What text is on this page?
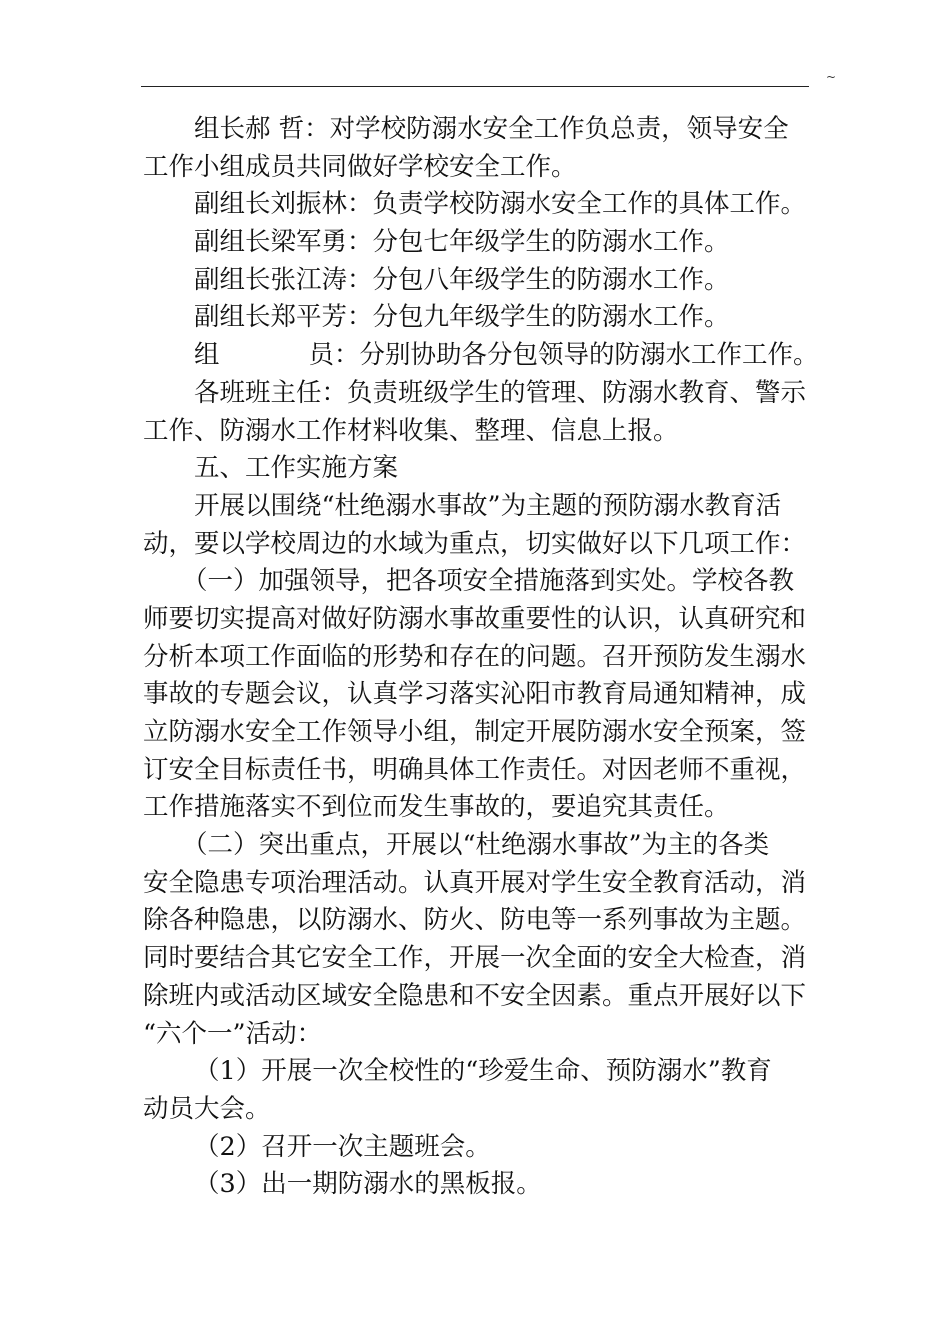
~
组长郝 哲：对学校防溺水安全工作负总责，领导安全
工作小组成员共同做好学校安全工作。
副组长刘振林：负责学校防溺水安全工作的具体工作。
副组长梁军勇：分包七年级学生的防溺水工作。
副组长张江涛：分包八年级学生的防溺水工作。
副组长郑平芳：分包九年级学生的防溺水工作。
组	员：分别协助各分包领导的防溺水工作工作。
各班班主任：负责班级学生的管理、防溺水教育、警示
工作、防溺水工作材料收集、整理、信息上报。
五、工作实施方案
开展以围绕“杜绝溺水事故”为主题的预防溺水教育活
动，要以学校周边的水域为重点，切实做好以下几项工作：
（一）加强领导，把各项安全措施落到实处。学校各教
师要切实提高对做好防溺水事故重要性的认识，认真研究和
分析本项工作面临的形势和存在的问题。召开预防发生溺水
事故的专题会议，认真学习落实沁阳市教育局通知精神，成
立防溺水安全工作领导小组，制定开展防溺水安全预案，签
订安全目标责任书，明确具体工作责任。对因老师不重视，
工作措施落实不到位而发生事故的，要追究其责任。
（二）突出重点，开展以“杜绝溺水事故”为主的各类
安全隐患专项治理活动。认真开展对学生安全教育活动，消
除各种隐患，以防溺水、防火、防电等一系列事故为主题。
同时要结合其它安全工作，开展一次全面的安全大检查，消
除班内或活动区域安全隐患和不安全因素。重点开展好以下
“六个一”活动：
（1）开展一次全校性的“珍爱生命、预防溺水”教育
动员大会。
（2）召开一次主题班会。
（3）出一期防溺水的黑板报。
